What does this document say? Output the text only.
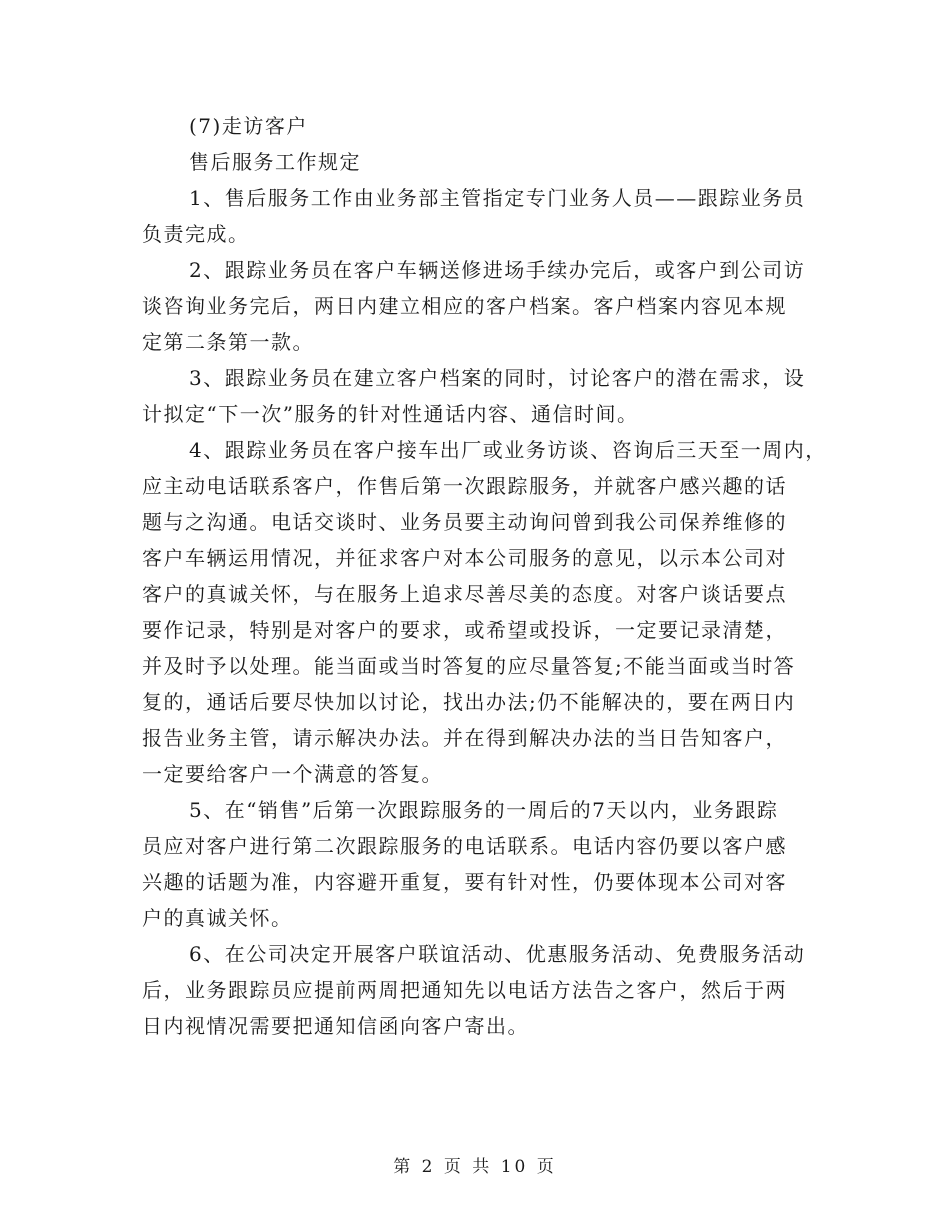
(7)走访客户

售后服务工作规定

1、售后服务工作由业务部主管指定专门业务人员——跟踪业务员

负责完成。

2、跟踪业务员在客户车辆送修进场手续办完后，或客户到公司访

谈咨询业务完后，两日内建立相应的客户档案。客户档案内容见本规

定第二条第一款。

3、跟踪业务员在建立客户档案的同时，讨论客户的潜在需求，设

计拟定“下一次”服务的针对性通话内容、通信时间。

4、跟踪业务员在客户接车出厂或业务访谈、咨询后三天至一周内，

应主动电话联系客户，作售后第一次跟踪服务，并就客户感兴趣的话

题与之沟通。电话交谈时、业务员要主动询问曾到我公司保养维修的

客户车辆运用情况，并征求客户对本公司服务的意见，以示本公司对

客户的真诚关怀，与在服务上追求尽善尽美的态度。对客户谈话要点

要作记录，特别是对客户的要求，或希望或投诉，一定要记录清楚，

并及时予以处理。能当面或当时答复的应尽量答复;不能当面或当时答

复的，通话后要尽快加以讨论，找出办法;仍不能解决的，要在两日内

报告业务主管，请示解决办法。并在得到解决办法的当日告知客户，

一定要给客户一个满意的答复。

5、在“销售”后第一次跟踪服务的一周后的7天以内，业务跟踪

员应对客户进行第二次跟踪服务的电话联系。电话内容仍要以客户感

兴趣的话题为准，内容避开重复，要有针对性，仍要体现本公司对客

户的真诚关怀。

6、在公司决定开展客户联谊活动、优惠服务活动、免费服务活动

后，业务跟踪员应提前两周把通知先以电话方法告之客户，然后于两

日内视情况需要把通知信函向客户寄出。

第 2 页 共 10 页
